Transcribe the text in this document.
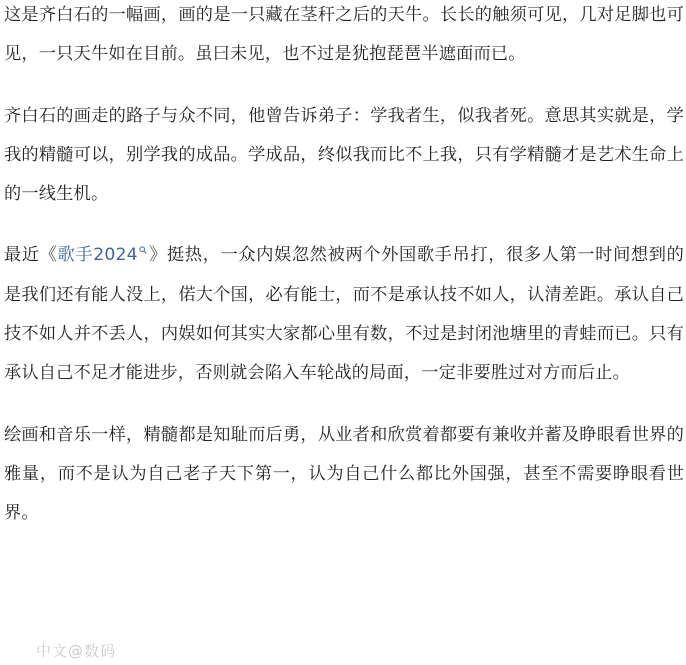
这是齐白石的一幅画，画的是一只藏在茎秆之后的天牛。长长的触须可见，几对足脚也可见，一只天牛如在目前。虽曰未见，也不过是犹抱琵琶半遮面而已。

齐白石的画走的路子与众不同，他曾告诉弟子：学我者生，似我者死。意思其实就是，学我的精髓可以，别学我的成品。学成品，终似我而比不上我，只有学精髓才是艺术生命上的一线生机。

最近《歌手2024 》挺热，一众内娱忽然被两个外国歌手吊打，很多人第一时间想到的是我们还有能人没上，偌大个国，必有能士，而不是承认技不如人，认清差距。承认自己技不如人并不丢人，内娱如何其实大家都心里有数，不过是封闭池塘里的青蛙而已。只有承认自己不足才能进步，否则就会陷入车轮战的局面，一定非要胜过对方而后止。

绘画和音乐一样，精髓都是知耻而后勇，从业者和欣赏着都要有兼收并蓄及睁眼看世界的雅量，而不是认为自己老子天下第一，认为自己什么都比外国强，甚至不需要睁眼看世界。

中文@数码
